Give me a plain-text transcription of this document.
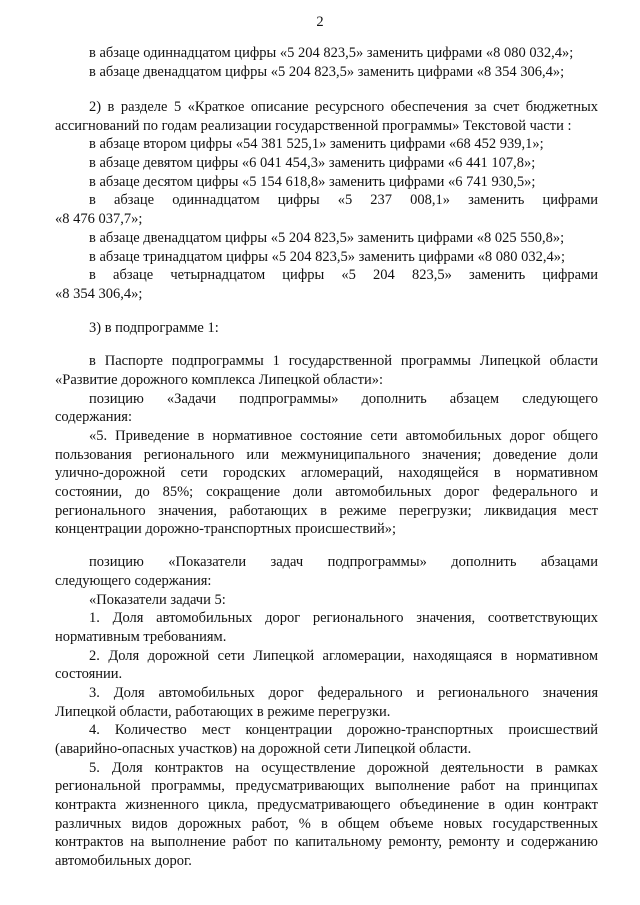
2
в абзаце одиннадцатом цифры «5 204 823,5» заменить цифрами «8 080 032,4»;
в абзаце двенадцатом цифры «5 204 823,5» заменить цифрами «8 354 306,4»;
2) в разделе 5 «Краткое описание ресурсного обеспечения за счет бюджетных
ассигнований по годам реализации государственной программы» Текстовой части :
в абзаце втором цифры «54 381 525,1» заменить цифрами «68 452 939,1»;
в абзаце девятом цифры «6 041 454,3» заменить цифрами «6 441 107,8»;
в абзаце десятом цифры «5 154 618,8» заменить цифрами «6 741 930,5»;
в абзаце одиннадцатом цифры «5 237 008,1» заменить цифрами
«8 476 037,7»;
в абзаце двенадцатом цифры «5 204 823,5» заменить цифрами «8 025 550,8»;
в абзаце тринадцатом цифры «5 204 823,5» заменить цифрами «8 080 032,4»;
в абзаце четырнадцатом цифры «5 204 823,5» заменить цифрами
«8 354 306,4»;
3) в подпрограмме 1:
в Паспорте подпрограммы 1 государственной программы Липецкой области
«Развитие дорожного комплекса Липецкой области»:
позицию «Задачи подпрограммы» дополнить абзацем следующего
содержания:
«5. Приведение в нормативное состояние сети автомобильных дорог общего
пользования регионального или межмуниципального значения; доведение доли
улично-дорожной сети городских агломераций, находящейся в нормативном
состоянии, до 85%; сокращение доли автомобильных дорог федерального и
регионального значения, работающих в режиме перегрузки; ликвидация мест
концентрации дорожно-транспортных происшествий»;
позицию «Показатели задач подпрограммы» дополнить абзацами
следующего содержания:
«Показатели задачи 5:
1. Доля автомобильных дорог регионального значения, соответствующих
нормативным требованиям.
2. Доля дорожной сети Липецкой агломерации, находящаяся в нормативном
состоянии.
3. Доля автомобильных дорог федерального и регионального значения
Липецкой области, работающих в режиме перегрузки.
4. Количество мест концентрации дорожно-транспортных происшествий
(аварийно-опасных участков) на дорожной сети Липецкой области.
5. Доля контрактов на осуществление дорожной деятельности в рамках
региональной программы, предусматривающих выполнение работ на принципах
контракта жизненного цикла, предусматривающего объединение в один контракт
различных видов дорожных работ, % в общем объеме новых государственных
контрактов на выполнение работ по капитальному ремонту, ремонту и содержанию
автомобильных дорог.
